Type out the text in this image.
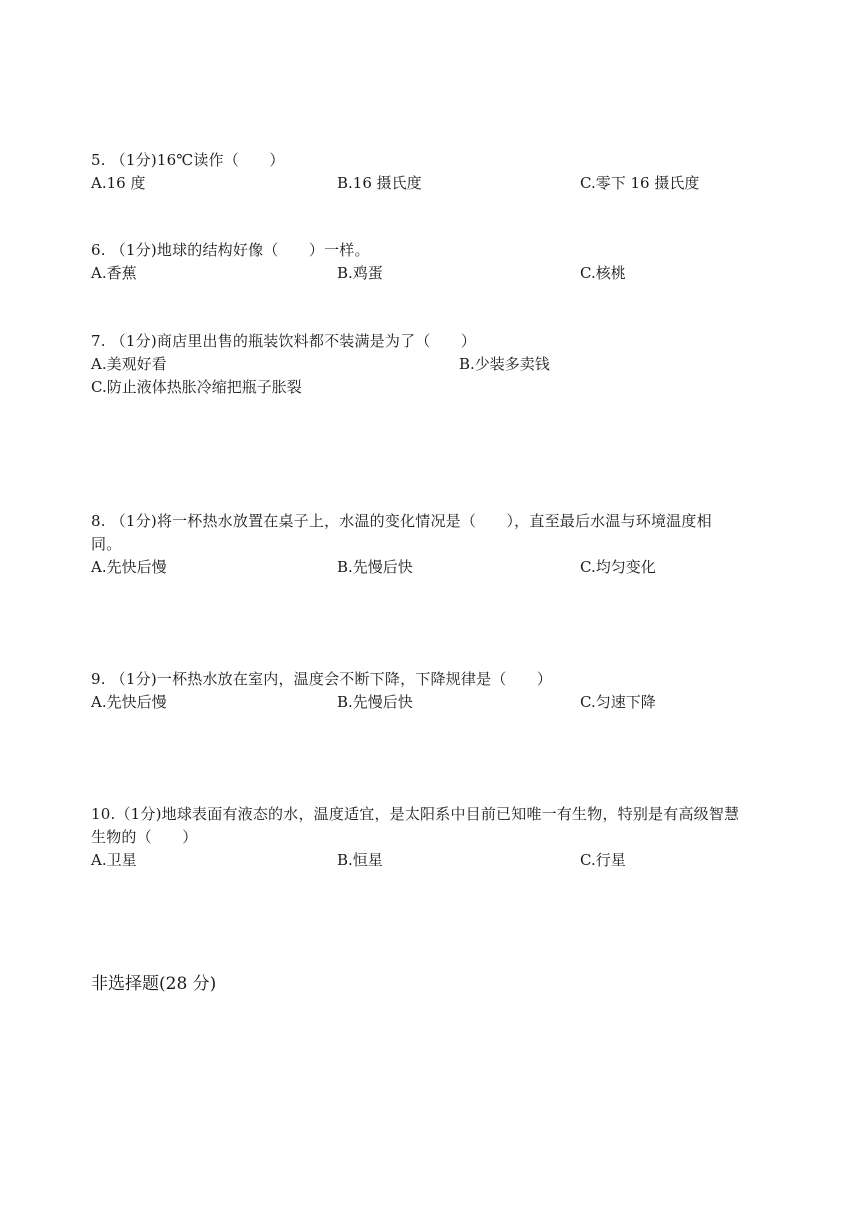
5. （1分)16℃读作（　　）
A.16 度	B.16 摄氏度	C.零下 16 摄氏度
6. （1分)地球的结构好像（　　）一样。
A.香蕉	B.鸡蛋	C.核桃
7. （1分)商店里出售的瓶装饮料都不装满是为了（　　）
A.美观好看	B.少装多卖钱
C.防止液体热胀冷缩把瓶子胀裂
8. （1分)将一杯热水放置在桌子上，水温的变化情况是（　　），直至最后水温与环境温度相同。
A.先快后慢	B.先慢后快	C.均匀变化
9. （1分)一杯热水放在室内，温度会不断下降，下降规律是（　　）
A.先快后慢	B.先慢后快	C.匀速下降
10.（1分)地球表面有液态的水，温度适宜，是太阳系中目前已知唯一有生物，特别是有高级智慧生物的（　　）
A.卫星	B.恒星	C.行星
非选择题(28 分)
